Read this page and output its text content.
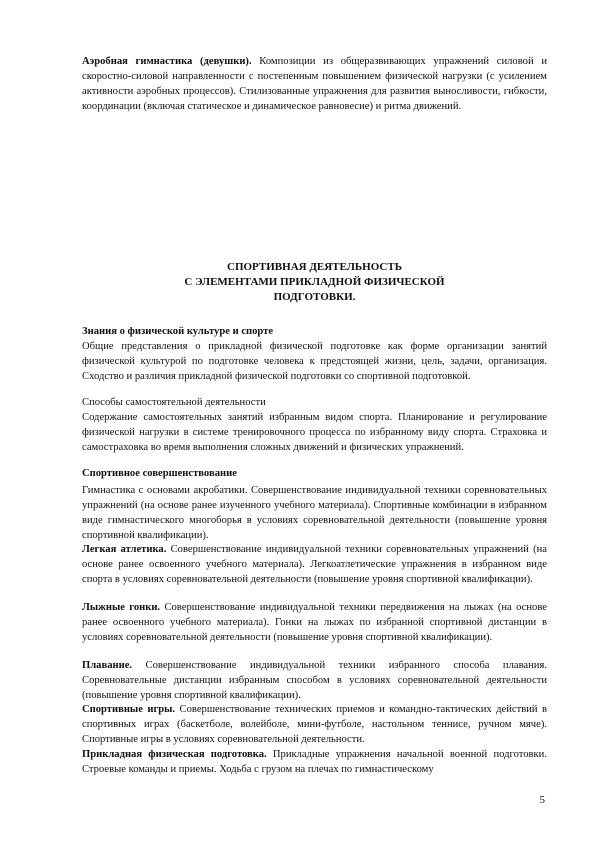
Аэробная гимнастика (девушки). Композиции из общеразвивающих упражнений силовой и скоростно-силовой направленности с постепенным повышением физической нагрузки (с усилением активности аэробных процессов). Стилизованные упражнения для развития выносливости, гибкости, координации (включая статическое и динамическое равновесие) и ритма движений.

СПОРТИВНАЯ ДЕЯТЕЛЬНОСТЬ
С ЭЛЕМЕНТАМИ ПРИКЛАДНОЙ ФИЗИЧЕСКОЙ
ПОДГОТОВКИ.

Знания о физической культуре и спорте

Общие представления о прикладной физической подготовке как форме организации занятий физической культурой по подготовке человека к предстоящей жизни, цель, задачи, организация. Сходство и различия прикладной физической подготовки со спортивной подготовкой.

Способы самостоятельной деятельности

Содержание самостоятельных занятий избранным видом спорта. Планирование и регулирование физической нагрузки в системе тренировочного процесса по избранному виду спорта. Страховка и самостраховка во время выполнения сложных движений и физических упражнений.

Спортивное совершенствование

Гимнастика с основами акробатики. Совершенствование индивидуальной техники соревновательных упражнений (на основе ранее изученного учебного материала). Спортивные комбинации в избранном виде гимнастического многоборья в условиях соревновательной деятельности (повышение уровня спортивной квалификации).

Легкая атлетика. Совершенствование индивидуальной техники соревновательных упражнений (на основе ранее освоенного учебного материала). Легкоатлетические упражнения в избранном виде спорта в условиях соревновательной деятельности (повышение уровня спортивной квалификации).

Лыжные гонки. Совершенствование индивидуальной техники передвижения на лыжах (на основе ранее освоенного учебного материала). Гонки на лыжах по избранной спортивной дистанции в условиях соревновательной деятельности (повышение уровня спортивной квалификации).

Плавание. Совершенствование индивидуальной техники избранного способа плавания. Соревновательные дистанции избранным способом в условиях соревновательной деятельности (повышение уровня спортивной квалификации).

Спортивные игры. Совершенствование технических приемов и командно-тактических действий в спортивных играх (баскетболе, волейболе, мини-футболе, настольном теннисе, ручном мяче). Спортивные игры в условиях соревновательной деятельности.

Прикладная физическая подготовка. Прикладные упражнения начальной военной подготовки. Строевые команды и приемы. Ходьба с грузом на плечах по гимнастическому

5
